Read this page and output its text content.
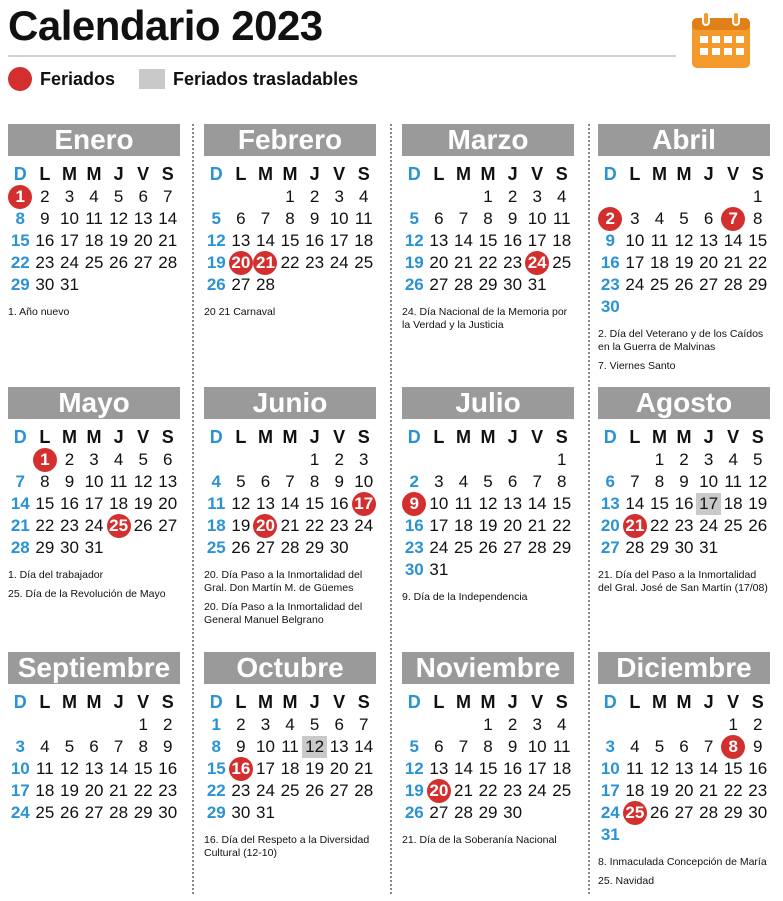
Calendario 2023
Feriados	Feriados trasladables
Enero
D L M M J V S
1 2 3 4 5 6 7
8 9 10 11 12 13 14
15 16 17 18 19 20 21
22 23 24 25 26 27 28
29 30 31
1. Año nuevo
Febrero
D L M M J V S
1 2 3 4
5 6 7 8 9 10 11
12 13 14 15 16 17 18
19 20 21 22 23 24 25
26 27 28
20 21 Carnaval
Marzo
D L M M J V S
1 2 3 4
5 6 7 8 9 10 11
12 13 14 15 16 17 18
19 20 21 22 23 24 25
26 27 28 29 30 31
24. Día Nacional de la Memoria por la Verdad y la Justicia
Abril
D L M M J V S
1
2 3 4 5 6 7 8
9 10 11 12 13 14 15
16 17 18 19 20 21 22
23 24 25 26 27 28 29
30
2. Día del Veterano y de los Caídos en la Guerra de Malvinas
7. Viernes Santo
Mayo
D L M M J V S
1 2 3 4 5 6
7 8 9 10 11 12 13
14 15 16 17 18 19 20
21 22 23 24 25 26 27
28 29 30 31
1. Día del trabajador
25. Día de la Revolución de Mayo
Junio
D L M M J V S
1 2 3
4 5 6 7 8 9 10
11 12 13 14 15 16 17
18 19 20 21 22 23 24
25 26 27 28 29 30
20. Día Paso a la Inmortalidad del Gral. Don Martín M. de Güemes
20. Día Paso a la Inmortalidad del General Manuel Belgrano
Julio
D L M M J V S
1
2 3 4 5 6 7 8
9 10 11 12 13 14 15
16 17 18 19 20 21 22
23 24 25 26 27 28 29
30 31
9. Día de la Independencia
Agosto
D L M M J V S
1 2 3 4 5
6 7 8 9 10 11 12
13 14 15 16 17 18 19
20 21 22 23 24 25 26
27 28 29 30 31
21. Día del Paso a la Inmortalidad del Gral. José de San Martín (17/08)
Septiembre
D L M M J V S
1 2
3 4 5 6 7 8 9
10 11 12 13 14 15 16
17 18 19 20 21 22 23
24 25 26 27 28 29 30
Octubre
D L M M J V S
1 2 3 4 5 6 7
8 9 10 11 12 13 14
15 16 17 18 19 20 21
22 23 24 25 26 27 28
29 30 31
16. Día del Respeto a la Diversidad Cultural (12-10)
Noviembre
D L M M J V S
1 2 3 4
5 6 7 8 9 10 11
12 13 14 15 16 17 18
19 20 21 22 23 24 25
26 27 28 29 30
21. Día de la Soberanía Nacional
Diciembre
D L M M J V S
1 2
3 4 5 6 7 8 9
10 11 12 13 14 15 16
17 18 19 20 21 22 23
24 25 26 27 28 29 30
31
8. Inmaculada Concepción de María
25. Navidad
